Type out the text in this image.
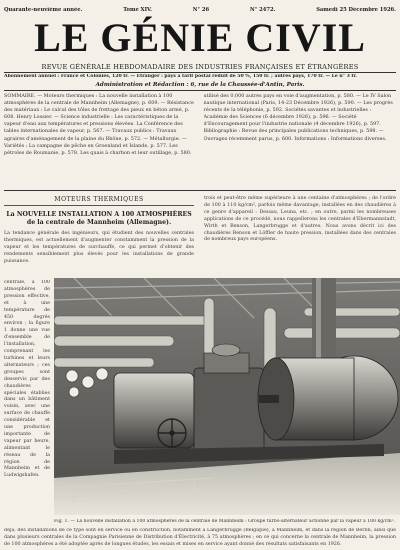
Quarante-neuvième année.	Tome XIV.	N° 26	N° 2472.	Samedi 25 Décembre 1926.
LE GÉNIE CIVIL
REVUE GÉNÉRALE HEBDOMADAIRE DES INDUSTRIES FRANÇAISES ET ÉTRANGÈRES
Abonnement annuel : France et Colonies, 120 fr. — Étranger : pays à tarif postal réduit de 50 %, 150 fr. ; autres pays, 170 fr. — Le n° 3 fr.
Administration et Rédaction : 6, rue de la Chaussée-d'Antin, Paris.
SOMMAIRE. — Moteurs thermiques : La nouvelle installation à 100 atmosphères de la centrale de Mannheim (Allemagne), p. 609. — Résistance des matériaux : Le calcul des tôles de frettage des pieux en béton armé, p. 608. Henry Lossier. — Science industrielle : Les caractéristiques de la vapeur d'eau aux températures et pressions élevées. La Conférence des tables internationales de vapeur, p. 567. — Travaux publics : Travaux agraires d'aménagement de la plaine du Rhône, p. 572. — Métallurgie. — Variétés : La campagne de pêche en Groenland et Islande, p. 577. Les pétroles de Roumanie, p. 578. Les quais à charbon et leur outillage, p. 580.
utilisé des 0,000 autres pays en voie d'augmentation, p. 580. — Le IV Salon nautique international (Paris, 14-23 Décembre 1926), p. 590. — Les progrès récents de la téléphonie, p. 592. Sociétés savantes et industrielles : Académie des Sciences (6 décembre 1926), p. 596. — Société d'Encouragement pour l'industrie nationale (4 décembre 1926), p. 597. Bibliographie : Revue des principales publications techniques, p. 598. — Ouvrages récemment parus, p. 600. Informations : Informations diverses.
MOTEURS THERMIQUES
La NOUVELLE INSTALLATION A 100 ATMOSPHÈRES de la centrale de Mannheim (Allemagne).
La tendance générale des ingénieurs, qui étudient des nouvelles centrales thermiques, est actuellement d'augmenter constamment la pression de la vapeur et les températures de surchauffe, ce qui permet d'obtenir des rendements sensiblement plus élevés pour les installations de grande puissance.
trois et peut-être même supérieure à une centaine d'atmosphères ; de l'ordre de 100 à 110 kg/cm², parfois même davantage, installées en des chaudières à ce genre d'appareil : Dessau, Leuna, etc. ; en outre, parmi les nombreuses applications de ce procédé, nous rappellerons les centrales d'Ebermannstadt, Wirth et Benson, Langerbrugge et d'autres. Nous avons décrit ici des chaudières Benson et Löffler de haute pression, installées dans des centrales de nombreux pays européens.
centrale, à 100 atmosphères de pression effective, et à une température de 450 degrés environ ; la figure 1 donne une vue d'ensemble de l'installation, comprenant les turbines et leurs alternateurs ; ces groupes sont desservis par des chaudières spéciales établies dans un bâtiment voisin, avec une surface de chauffe considérable et une production importante de vapeur par heure, alimentant le réseau de la région de Mannheim et de Ludwigshafen.
Fig. 1. — La nouvelle installation à 100 atmosphères de la centrale de Mannheim : Groupe turbo-alternateur actionné par la vapeur à 100 kg/cm².
déjà, des installations de ce type sont en service ou en construction, notamment à Langerbrugge (Belgique), à Mannheim, et dans la région de Berlin, ainsi que dans plusieurs centrales de la Compagnie Parisienne de Distribution d'Électricité, à 75 atmosphères ; en ce qui concerne la centrale de Mannheim, la pression de 100 atmosphères a été adoptée après de longues études, les essais et mises en service ayant donné des résultats satisfaisants en 1926.
